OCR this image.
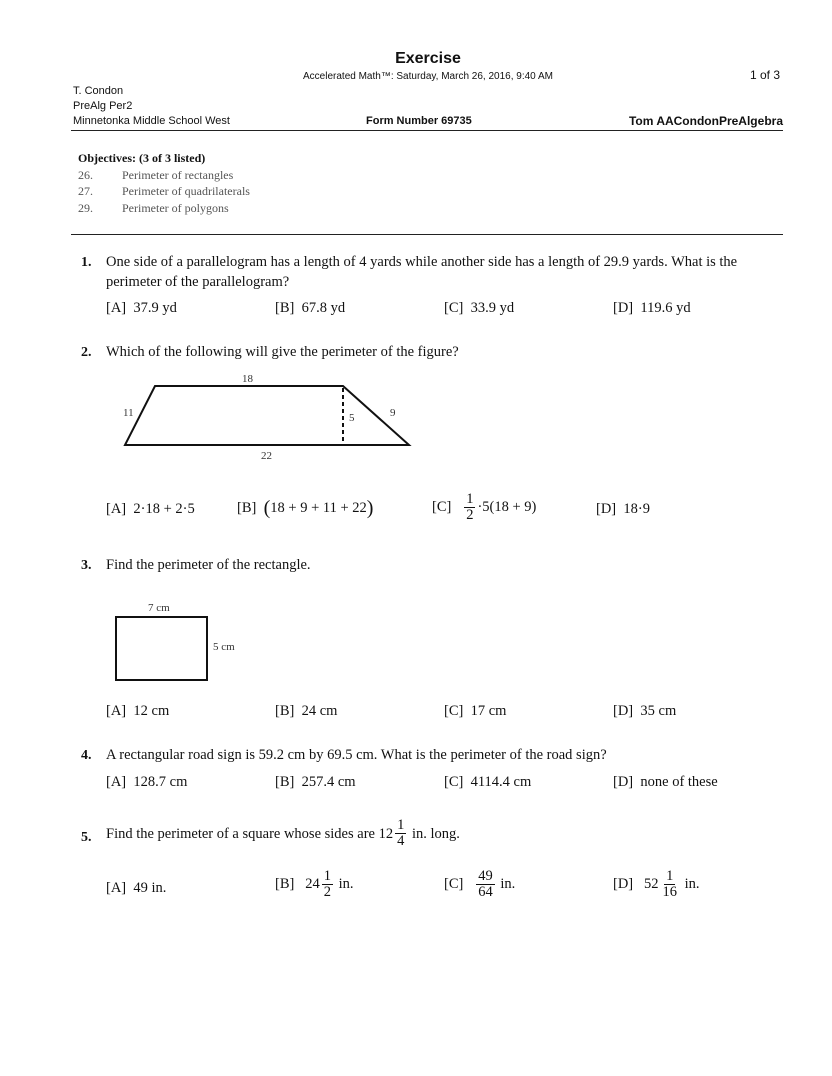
Exercise
Accelerated Math™: Saturday, March 26, 2016, 9:40 AM	1 of 3
T. Condon
PreAlg Per2
Minnetonka Middle School West	Form Number 69735	Tom AACondonPreAlgebra
Objectives: (3 of 3 listed)
26. Perimeter of rectangles
27. Perimeter of quadrilaterals
29. Perimeter of polygons
1. One side of a parallelogram has a length of 4 yards while another side has a length of 29.9 yards. What is the perimeter of the parallelogram?
[A] 37.9 yd	[B] 67.8 yd	[C] 33.9 yd	[D] 119.6 yd
2. Which of the following will give the perimeter of the figure?
18
11	5	9
22
[A] 2·18 + 2·5	[B] (18 + 9 + 11 + 22)	[C]
$\frac{1}{2} \cdot 5(18 + 9)$	[D] 18·9
3. Find the perimeter of the rectangle.
7 cm
5 cm
[A] 12 cm	[B] 24 cm	[C] 17 cm	[D] 35 cm
4. A rectangular road sign is 59.2 cm by 69.5 cm. What is the perimeter of the road sign?
[A] 128.7 cm	[B] 257.4 cm	[C] 4114.4 cm	[D] none of these
5. Find the perimeter of a square whose sides are
$12 \frac{1}{4}$
in. long.
[A] 49 in.	[B]
$24 \frac{1}{2}$
in.	[C]
$\frac{49}{64}$
in.	[D]
$52 \frac{1}{16}$
in.
